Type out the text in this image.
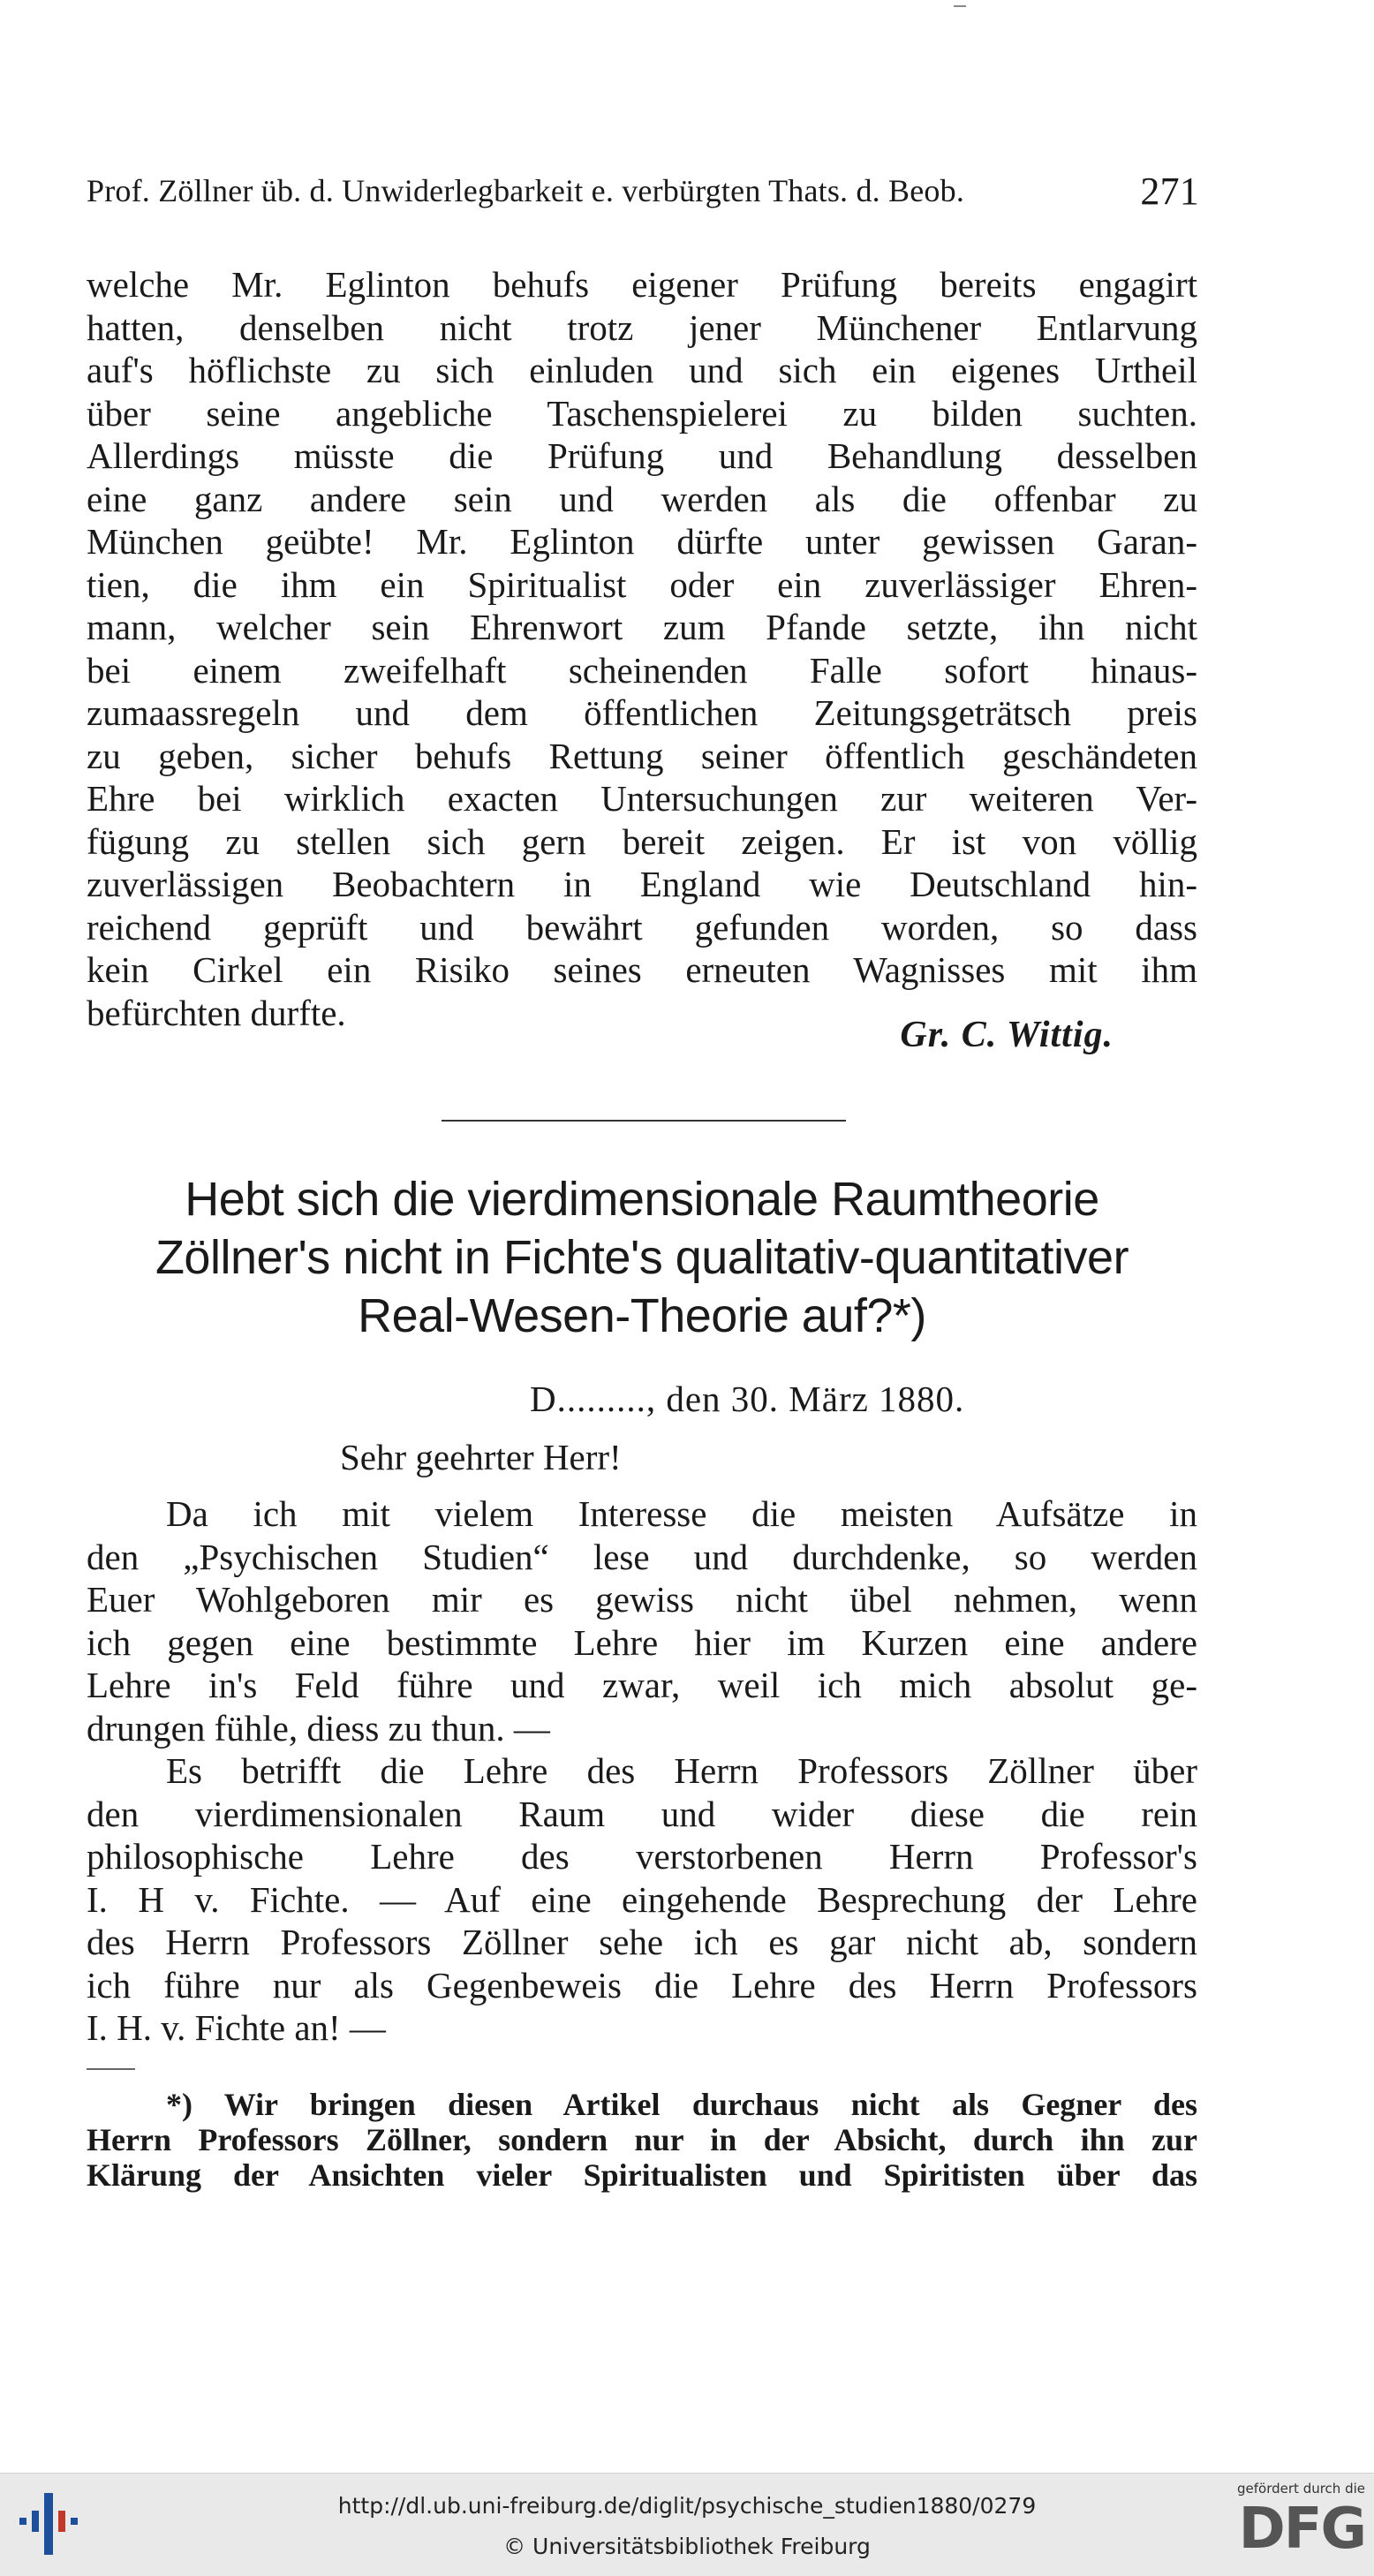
Prof. Zöllner üb. d. Unwiderlegbarkeit e. verbürgten Thats. d. Beob.	271
welche Mr. Eglinton behufs eigener Prüfung bereits engagirt
hatten, denselben nicht trotz jener Münchener Entlarvung
auf's höflichste zu sich einluden und sich ein eigenes Urtheil
über seine angebliche Taschenspielerei zu bilden suchten.
Allerdings müsste die Prüfung und Behandlung desselben
eine ganz andere sein und werden als die offenbar zu
München geübte! Mr. Eglinton dürfte unter gewissen Garan-
tien, die ihm ein Spiritualist oder ein zuverlässiger Ehren-
mann, welcher sein Ehrenwort zum Pfande setzte, ihn nicht
bei einem zweifelhaft scheinenden Falle sofort hinaus-
zumaassregeln und dem öffentlichen Zeitungsgeträtsch preis
zu geben, sicher behufs Rettung seiner öffentlich geschändeten
Ehre bei wirklich exacten Untersuchungen zur weiteren Ver-
fügung zu stellen sich gern bereit zeigen. Er ist von völlig
zuverlässigen Beobachtern in England wie Deutschland hin-
reichend geprüft und bewährt gefunden worden, so dass
kein Cirkel ein Risiko seines erneuten Wagnisses mit ihm
befürchten durfte.
Gr. C. Wittig.
Hebt sich die vierdimensionale Raumtheorie
Zöllner's nicht in Fichte's qualitativ-quantitativer
Real-Wesen-Theorie auf?*)
D........., den 30. März 1880.
Sehr geehrter Herr!
Da ich mit vielem Interesse die meisten Aufsätze in
den „Psychischen Studien“ lese und durchdenke, so werden
Euer Wohlgeboren mir es gewiss nicht übel nehmen, wenn
ich gegen eine bestimmte Lehre hier im Kurzen eine andere
Lehre in's Feld führe und zwar, weil ich mich absolut ge-
drungen fühle, diess zu thun. —
Es betrifft die Lehre des Herrn Professors Zöllner über
den vierdimensionalen Raum und wider diese die rein
philosophische Lehre des verstorbenen Herrn Professor's
I. H v. Fichte. — Auf eine eingehende Besprechung der Lehre
des Herrn Professors Zöllner sehe ich es gar nicht ab, sondern
ich führe nur als Gegenbeweis die Lehre des Herrn Professors
I. H. v. Fichte an! —
*) Wir bringen diesen Artikel durchaus nicht als Gegner des
Herrn Professors Zöllner, sondern nur in der Absicht, durch ihn zur
Klärung der Ansichten vieler Spiritualisten und Spiritisten über das
http://dl.ub.uni-freiburg.de/diglit/psychische_studien1880/0279
© Universitätsbibliothek Freiburg
gefördert durch die
DFG
